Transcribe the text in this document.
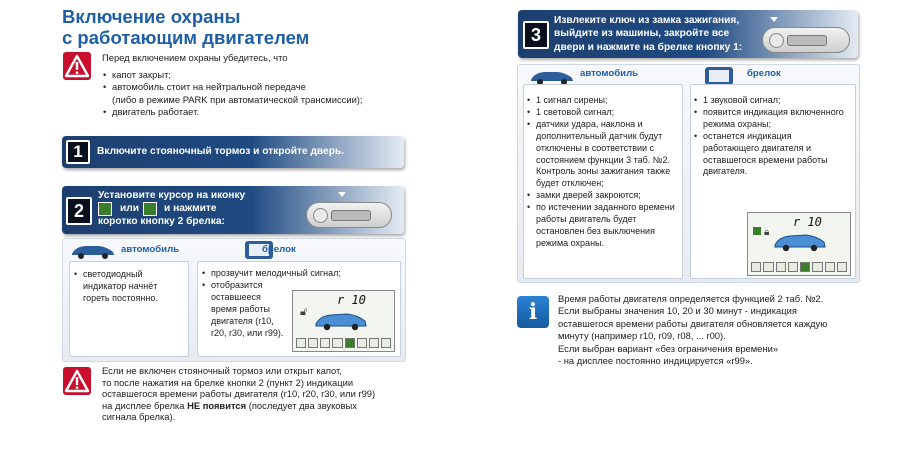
Включение охраны
с работающим двигателем
Перед включением охраны убедитесь, что
• капот закрыт;
• автомобиль стоит на нейтральной передаче
(либо в режиме PARK при автоматической трансмиссии);
• двигатель работает.
1	Включите стояночный тормоз и откройте дверь.
2
Установите курсор на иконку
или и нажмите
коротко кнопку 2 брелка:
автомобиль	брелок
• светодиодный индикатор начнёт гореть постоянно.
• прозвучит мелодичный сигнал;
• отобразится оставшееся время работы двигателя (r10, r20, r30, или r99).
r 10
🔓︎
Если не включен стояночный тормоз или открыт капот,
то после нажатия на брелке кнопки 2 (пункт 2) индикации
оставшегося времени работы двигателя (r10, r20, r30, или r99)
на дисплее брелка НЕ появится (последует два звуковых
сигнала брелка).
3
Извлеките ключ из замка зажигания,
выйдите из машины, закройте все
двери и нажмите на брелке кнопку 1:
автомобиль	брелок
• 1 сигнал сирены;
• 1 световой сигнал;
• датчики удара, наклона и дополнительный датчик будут отключены в соответствии с состоянием функции 3 таб. №2. Контроль зоны зажигания также будет отключен;
• замки дверей закроются;
• по истечении заданного времени работы двигатель будет остановлен без выключения режима охраны.
• 1 звуковой сигнал;
• появится индикация включенного режима охраны;
• останется индикация работающего двигателя и оставшегося времени работы двигателя.
r 10
🔒︎
i
Время работы двигателя определяется функцией 2 таб. №2.
Если выбраны значения 10, 20 и 30 минут - индикация
оставшегося времени работы двигателя обновляется каждую
минуту (например r10, r09, r08, ... r00).
Если выбран вариант «без ограничения времени»
- на дисплее постоянно индицируется «r99».
